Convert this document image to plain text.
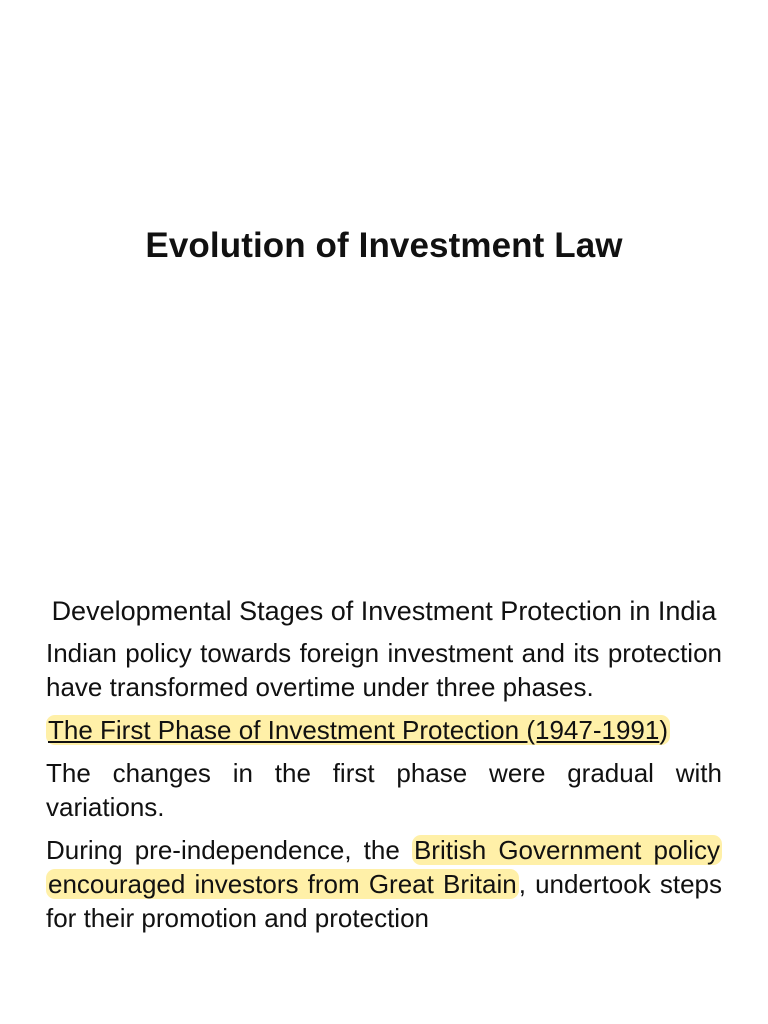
Evolution of Investment Law
Developmental Stages of Investment Protection in India

Indian policy towards foreign investment and its protection have transformed overtime under three phases.

The First Phase of Investment Protection (1947-1991)

The changes in the first phase were gradual with variations.

During pre-independence, the British Government policy encouraged investors from Great Britain, undertook steps for their promotion and protection
